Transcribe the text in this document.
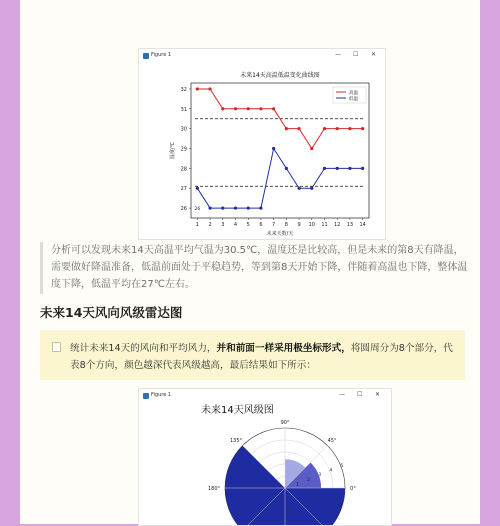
Figure 1	— ☐ ✕
未来14天高温低温变化曲线图
1 2 3 4 5 6 7 8 9 10 11 12 13 14
26
27
28
29
30
31
32
未来天数/天
温度/℃
26
高温
低温
分析可以发现未来14天高温平均气温为30.5℃，温度还是比较高，但是未来的第8天有降温，需要做好降温准备，低温前面处于平稳趋势，等到第8天开始下降，伴随着高温也下降，整体温度下降，低温平均在27℃左右。
未来14天风向风级雷达图
统计未来14天的风向和平均风力，并和前面一样采用极坐标形式，将圆周分为8个部分，代表8个方向，颜色越深代表风级越高，最后结果如下所示：
Figure 1	— ☐ ✕
未来14天风级图
0°
45°
90°
135°
180°
1
2
3
4
5
